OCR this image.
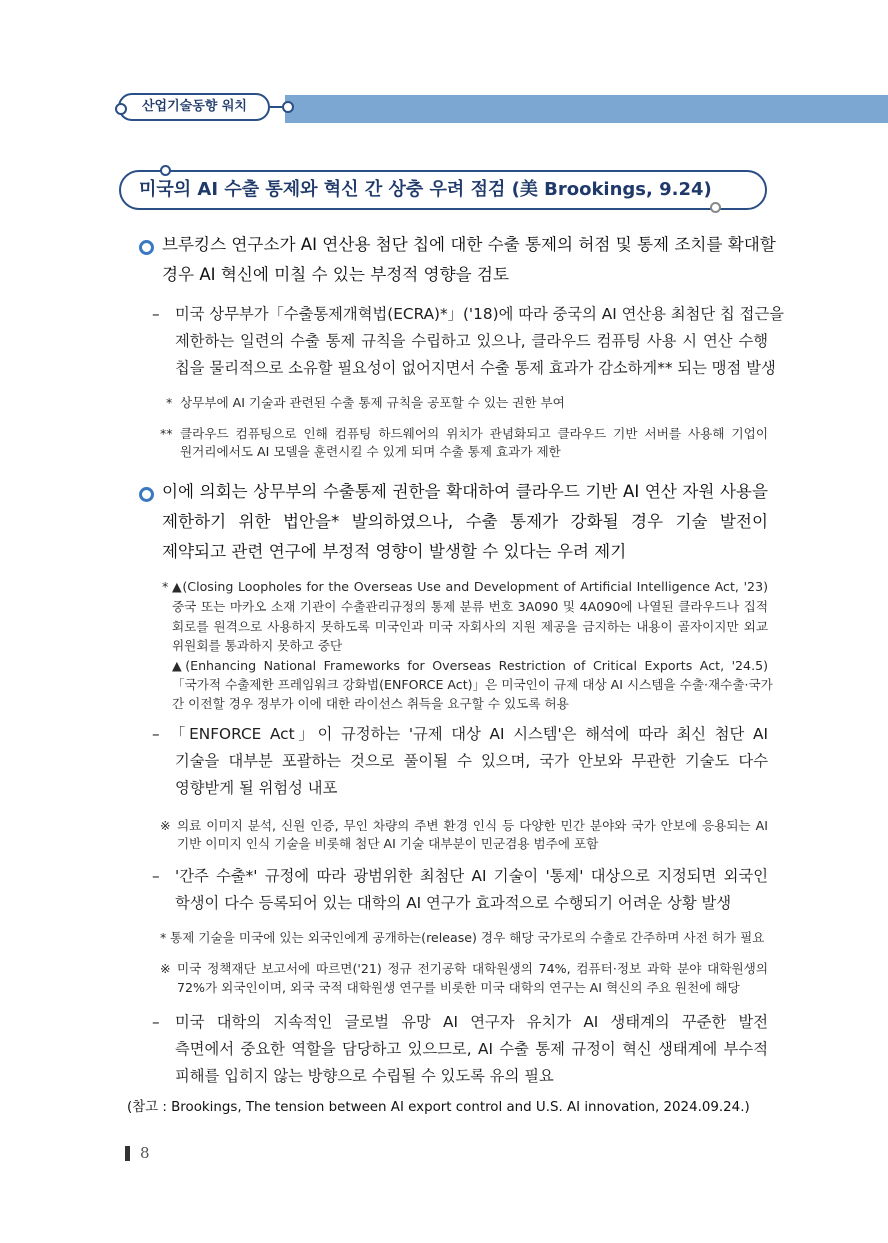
산업기술동향 워치
미국의 AI 수출 통제와 혁신 간 상충 우려 점검 (美 Brookings, 9.24)
브루킹스 연구소가 AI 연산용 첨단 칩에 대한 수출 통제의 허점 및 통제 조치를 확대할
경우 AI 혁신에 미칠 수 있는 부정적 영향을 검토
– 미국 상무부가「수출통제개혁법(ECRA)*」('18)에 따라 중국의 AI 연산용 최첨단 칩 접근을
제한하는 일련의 수출 통제 규칙을 수립하고 있으나, 클라우드 컴퓨팅 사용 시 연산 수행
칩을 물리적으로 소유할 필요성이 없어지면서 수출 통제 효과가 감소하게** 되는 맹점 발생
* 상무부에 AI 기술과 관련된 수출 통제 규칙을 공포할 수 있는 권한 부여
** 클라우드 컴퓨팅으로 인해 컴퓨팅 하드웨어의 위치가 관념화되고 클라우드 기반 서버를 사용해 기업이
원거리에서도 AI 모델을 훈련시킬 수 있게 되며 수출 통제 효과가 제한
이에 의회는 상무부의 수출통제 권한을 확대하여 클라우드 기반 AI 연산 자원 사용을
제한하기 위한 법안을* 발의하였으나, 수출 통제가 강화될 경우 기술 발전이
제약되고 관련 연구에 부정적 영향이 발생할 수 있다는 우려 제기
* ▲(Closing Loopholes for the Overseas Use and Development of Artificial Intelligence Act, '23)
중국 또는 마카오 소재 기관이 수출관리규정의 통제 분류 번호 3A090 및 4A090에 나열된 클라우드나 집적
회로를 원격으로 사용하지 못하도록 미국인과 미국 자회사의 지원 제공을 금지하는 내용이 골자이지만 외교
위원회를 통과하지 못하고 중단
▲(Enhancing National Frameworks for Overseas Restriction of Critical Exports Act, '24.5)
「국가적 수출제한 프레임워크 강화법(ENFORCE Act)」은 미국인이 규제 대상 AI 시스템을 수출·재수출·국가
간 이전할 경우 정부가 이에 대한 라이선스 취득을 요구할 수 있도록 허용
– 「ENFORCE Act」이 규정하는 '규제 대상 AI 시스템'은 해석에 따라 최신 첨단 AI
기술을 대부분 포괄하는 것으로 풀이될 수 있으며, 국가 안보와 무관한 기술도 다수
영향받게 될 위험성 내포
※ 의료 이미지 분석, 신원 인증, 무인 차량의 주변 환경 인식 등 다양한 민간 분야와 국가 안보에 응용되는 AI
기반 이미지 인식 기술을 비롯해 첨단 AI 기술 대부분이 민군겸용 범주에 포함
– '간주 수출*' 규정에 따라 광범위한 최첨단 AI 기술이 '통제' 대상으로 지정되면 외국인
학생이 다수 등록되어 있는 대학의 AI 연구가 효과적으로 수행되기 어려운 상황 발생
* 통제 기술을 미국에 있는 외국인에게 공개하는(release) 경우 해당 국가로의 수출로 간주하며 사전 허가 필요
※ 미국 정책재단 보고서에 따르면('21) 정규 전기공학 대학원생의 74%, 컴퓨터·정보 과학 분야 대학원생의
72%가 외국인이며, 외국 국적 대학원생 연구를 비롯한 미국 대학의 연구는 AI 혁신의 주요 원천에 해당
– 미국 대학의 지속적인 글로벌 유망 AI 연구자 유치가 AI 생태계의 꾸준한 발전
측면에서 중요한 역할을 담당하고 있으므로, AI 수출 통제 규정이 혁신 생태계에 부수적
피해를 입히지 않는 방향으로 수립될 수 있도록 유의 필요
(참고 : Brookings, The tension between AI export control and U.S. AI innovation, 2024.09.24.)
8
